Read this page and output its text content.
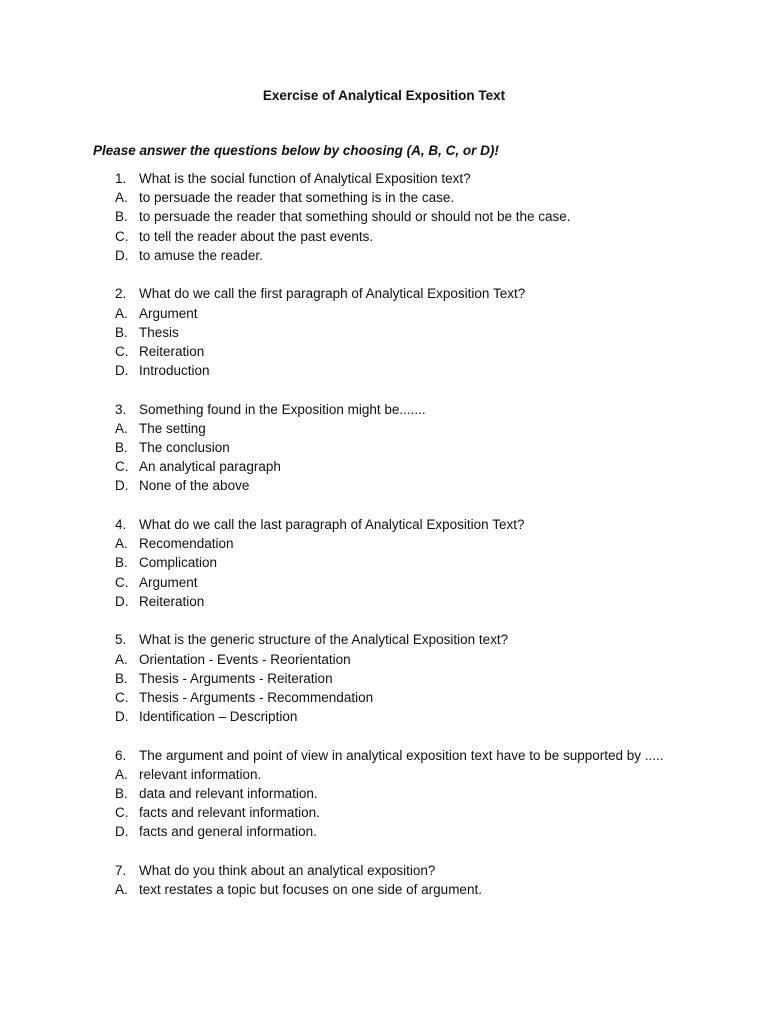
Exercise of Analytical Exposition Text
Please answer the questions below by choosing (A, B, C, or D)!
1. What is the social function of Analytical Exposition text?
A. to persuade the reader that something is in the case.
B. to persuade the reader that something should or should not be the case.
C. to tell the reader about the past events.
D. to amuse the reader.
2. What do we call the first paragraph of Analytical Exposition Text?
A. Argument
B. Thesis
C. Reiteration
D. Introduction
3. Something found in the Exposition might be.......
A. The setting
B. The conclusion
C. An analytical paragraph
D. None of the above
4. What do we call the last paragraph of Analytical Exposition Text?
A. Recomendation
B. Complication
C. Argument
D. Reiteration
5. What is the generic structure of the Analytical Exposition text?
A. Orientation - Events - Reorientation
B. Thesis - Arguments - Reiteration
C. Thesis - Arguments - Recommendation
D. Identification – Description
6. The argument and point of view in analytical exposition text have to be supported by .....
A. relevant information.
B. data and relevant information.
C. facts and relevant information.
D. facts and general information.
7. What do you think about an analytical exposition?
A. text restates a topic but focuses on one side of argument.
